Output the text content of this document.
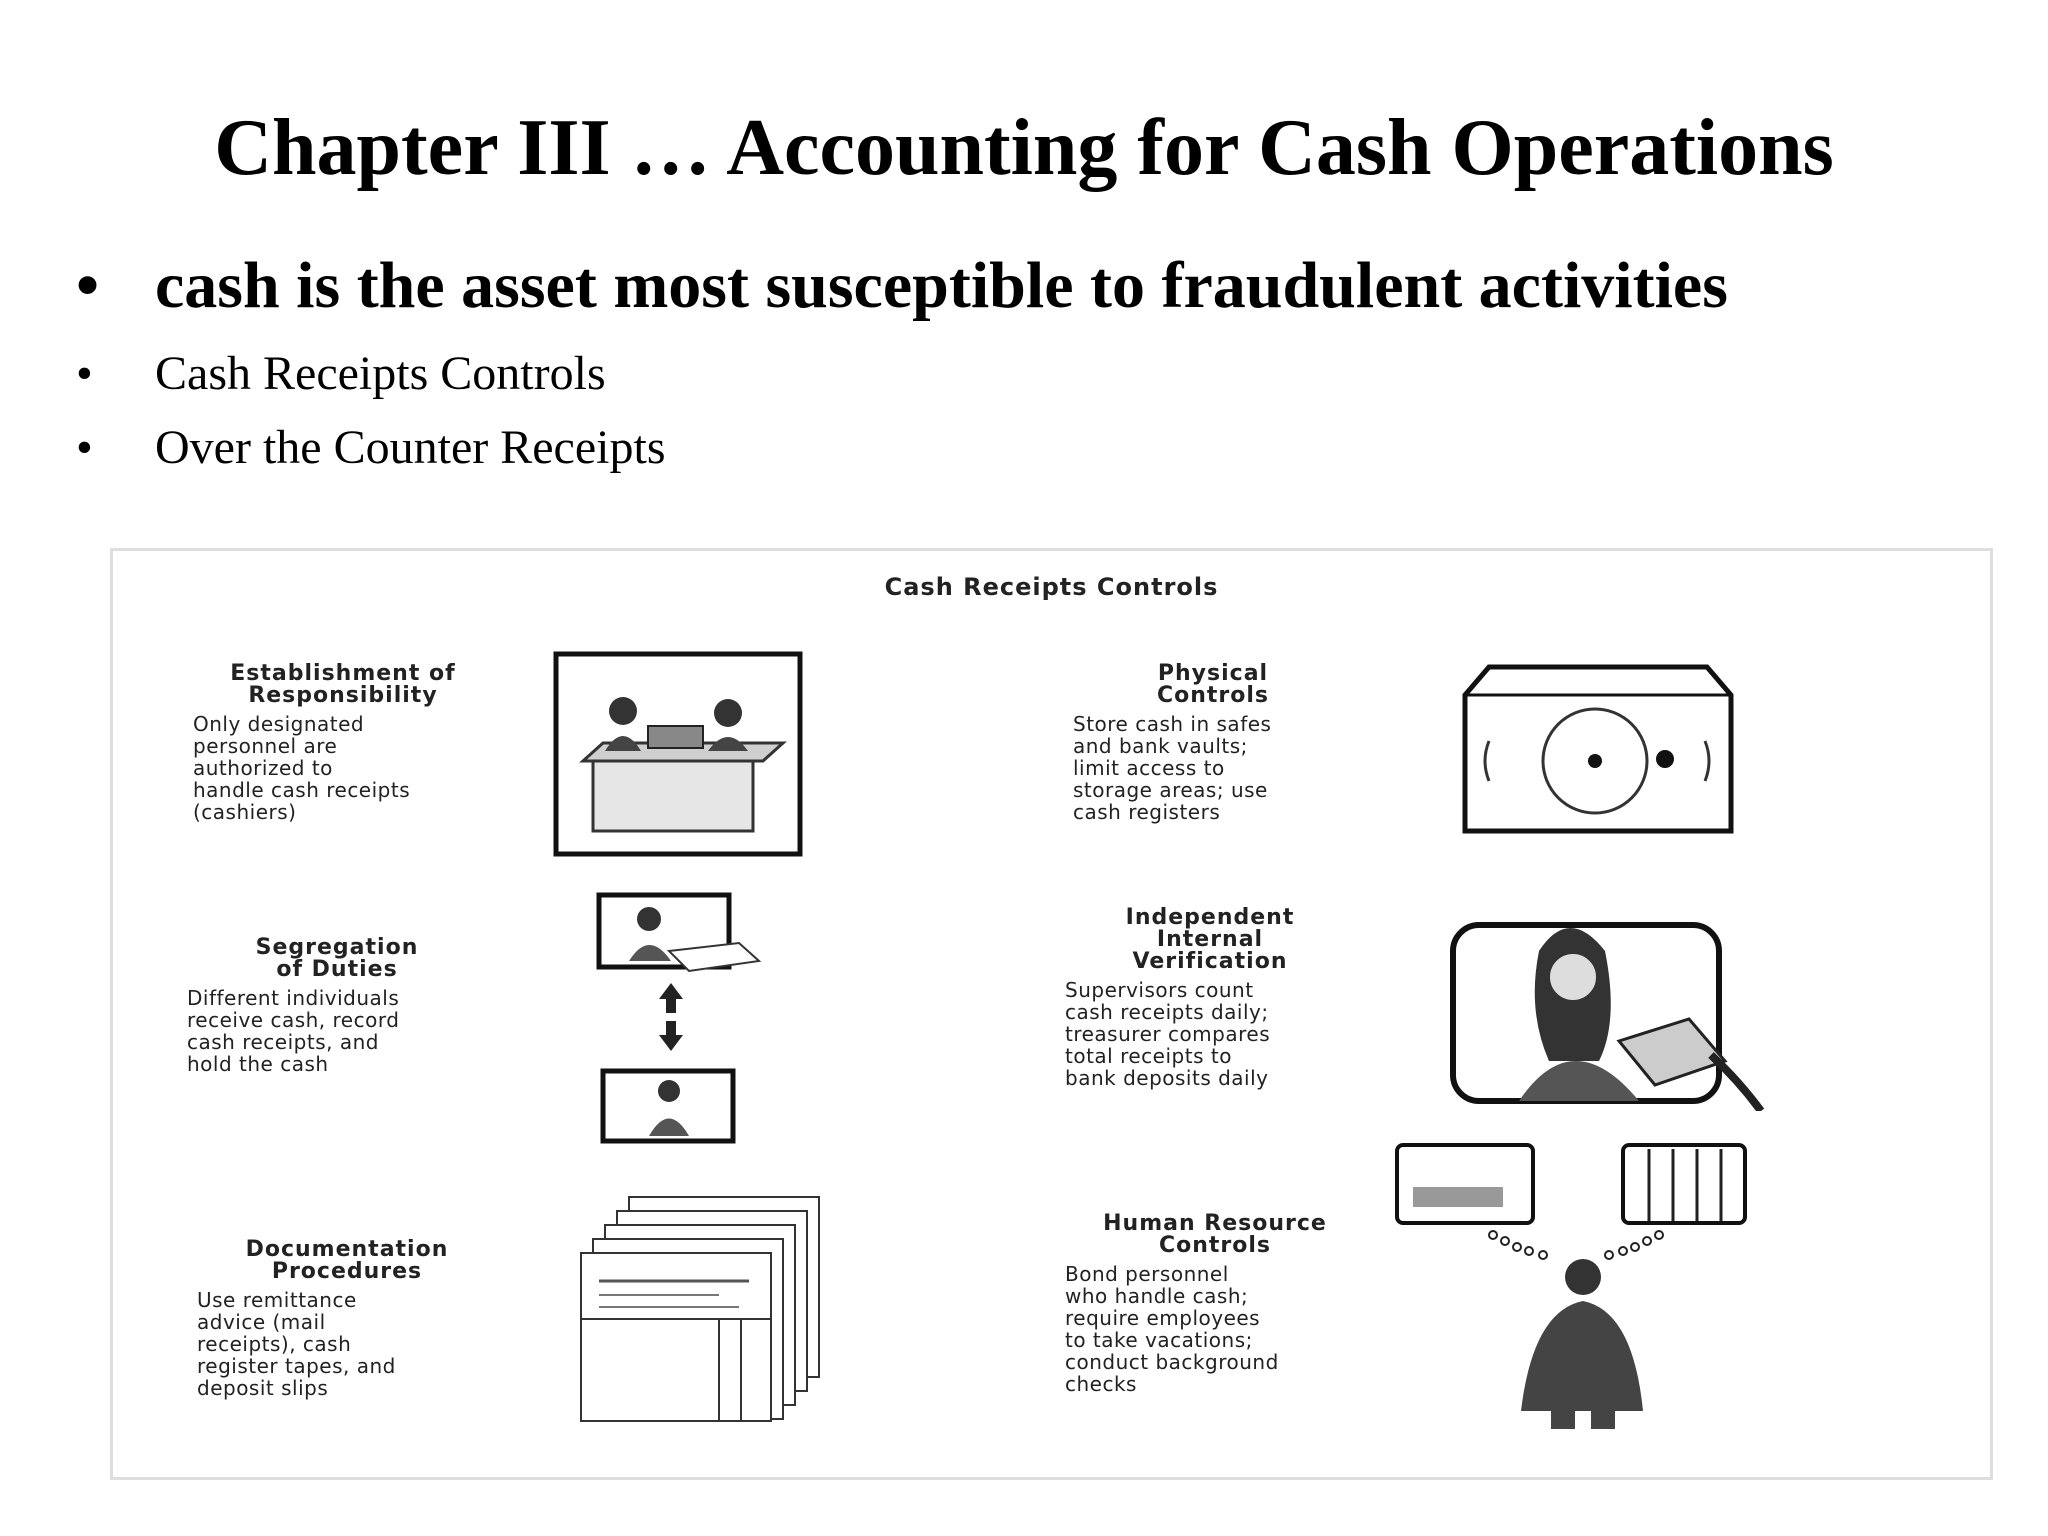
Chapter III … Accounting for Cash Operations

• cash is the asset most susceptible to fraudulent activities

•	Cash Receipts Controls

•	Over the Counter Receipts

Cash Receipts Controls
Establishment of
Responsibility
Only designated
personnel are
authorized to
handle cash receipts
(cashiers)
Segregation
of Duties
Different individuals
receive cash, record
cash receipts, and
hold the cash
Documentation
Procedures
Use remittance
advice (mail
receipts), cash
register tapes, and
deposit slips
Physical
Controls
Store cash in safes
and bank vaults;
limit access to
storage areas; use
cash registers
Independent
Internal
Verification
Supervisors count
cash receipts daily;
treasurer compares
total receipts to
bank deposits daily
Human Resource
Controls
Bond personnel
who handle cash;
require employees
to take vacations;
conduct background
checks
